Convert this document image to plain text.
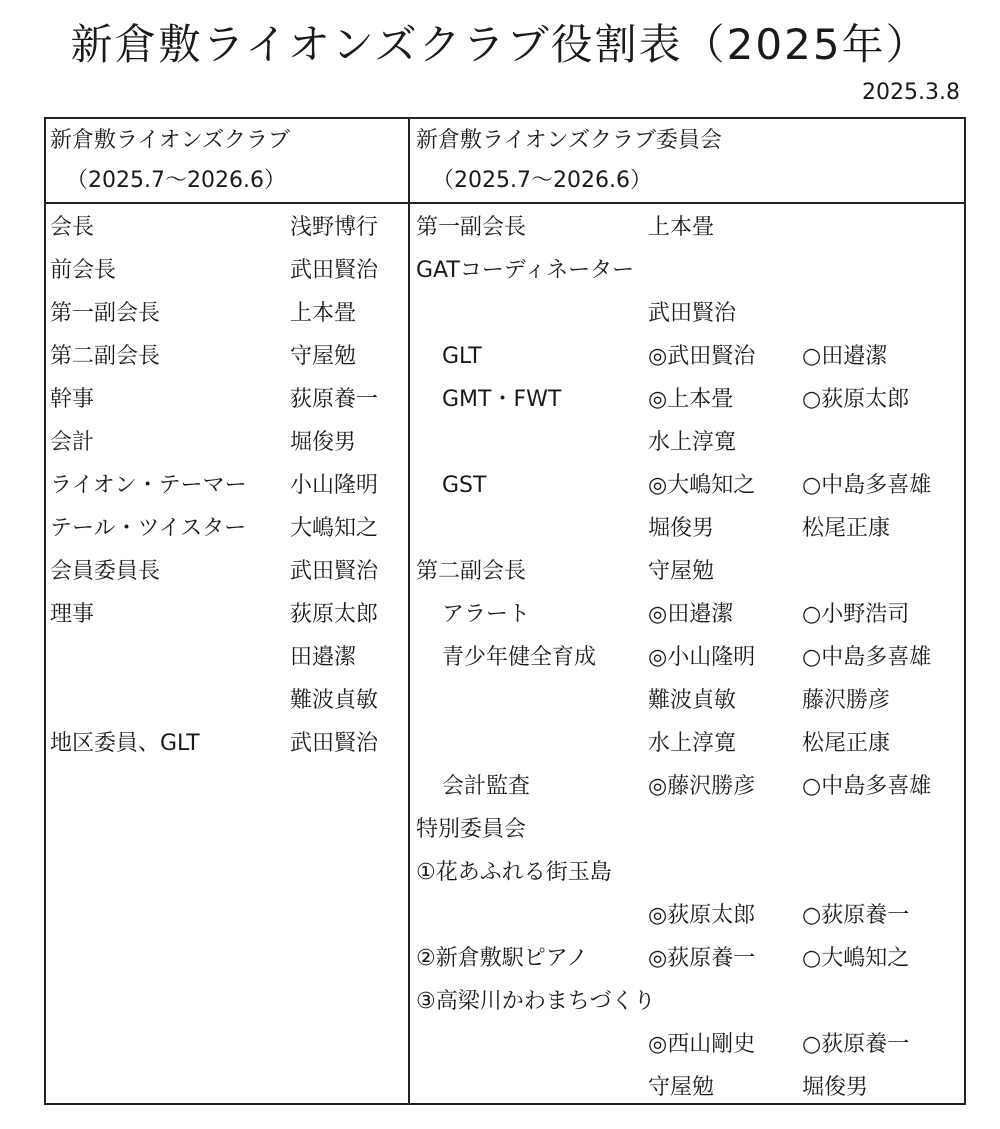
新倉敷ライオンズクラブ役割表（2025年）
2025.3.8
新倉敷ライオンズクラブ
（2025.7～2026.6）
新倉敷ライオンズクラブ委員会
（2025.7～2026.6）
会長	浅野博行
前会長	武田賢治
第一副会長	上本畳
第二副会長	守屋勉
幹事	荻原養一
会計	堀俊男
ライオン・テーマー 小山隆明
テール・ツイスター 大嶋知之
会員委員長	武田賢治
理事	荻原太郎
田邉潔
難波貞敏
地区委員、GLT	武田賢治
第一副会長	上本畳
GATコーディネーター
武田賢治
GLT	◎武田賢治 ○田邉潔
GMT・FWT	◎上本畳	○荻原太郎
水上淳寛
GST	◎大嶋知之 ○中島多喜雄
堀俊男	松尾正康
第二副会長	守屋勉
アラート	◎田邉潔	○小野浩司
青少年健全育成 ◎小山隆明 ○中島多喜雄
難波貞敏	藤沢勝彦
水上淳寛	松尾正康
会計監査	◎藤沢勝彦 ○中島多喜雄
特別委員会
①花あふれる街玉島
◎荻原太郎 ○荻原養一
②新倉敷駅ピアノ	◎荻原養一 ○大嶋知之
③高梁川かわまちづくり
◎西山剛史 ○荻原養一
守屋勉	堀俊男
